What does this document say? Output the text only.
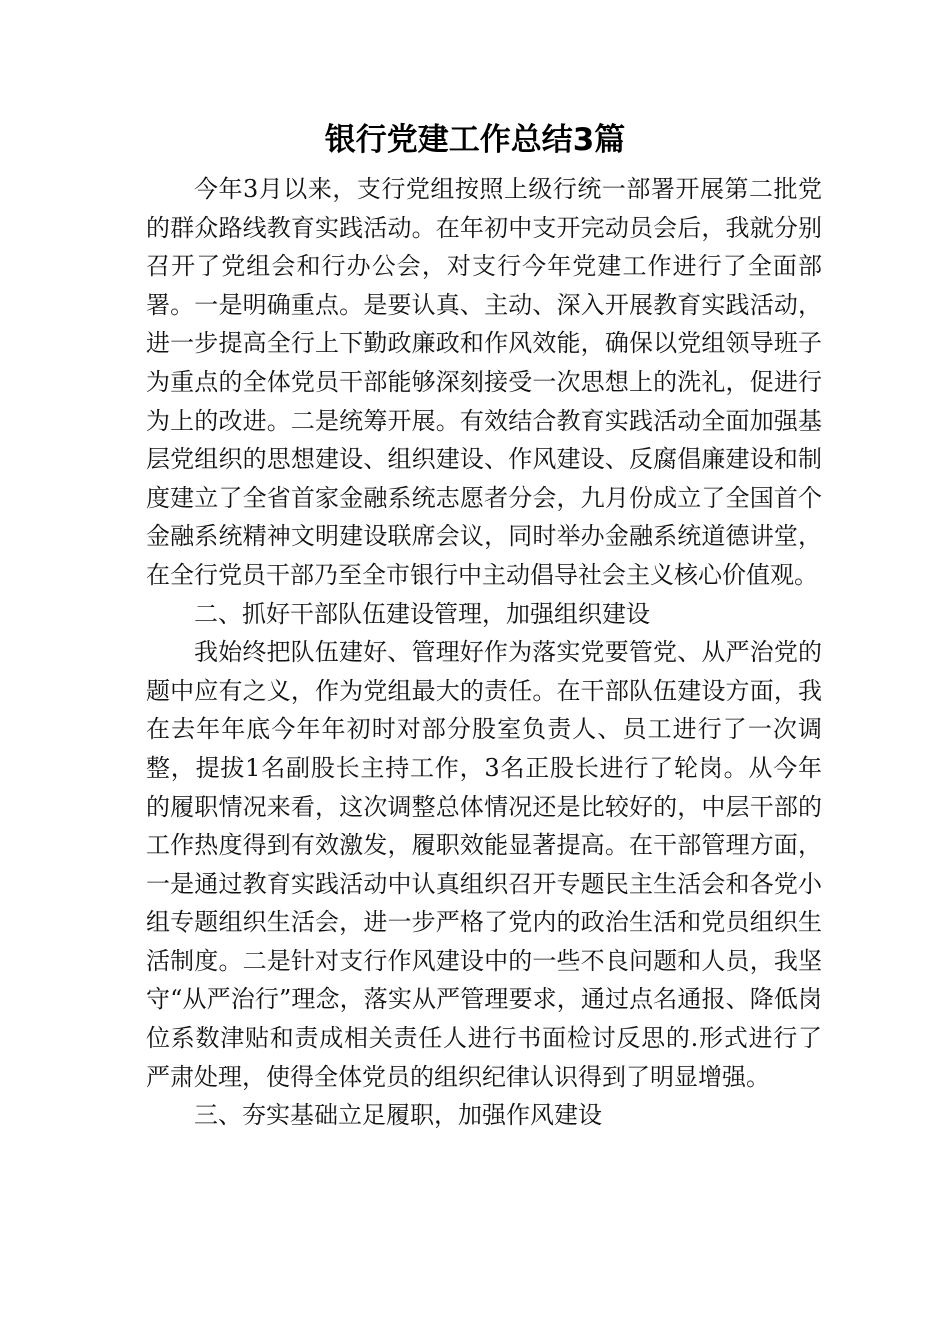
银行党建工作总结3篇

今年3月以来，支行党组按照上级行统一部署开展第二批党的群众路线教育实践活动。在年初中支开完动员会后，我就分别召开了党组会和行办公会，对支行今年党建工作进行了全面部署。一是明确重点。是要认真、主动、深入开展教育实践活动，进一步提高全行上下勤政廉政和作风效能，确保以党组领导班子为重点的全体党员干部能够深刻接受一次思想上的洗礼，促进行为上的改进。二是统筹开展。有效结合教育实践活动全面加强基层党组织的思想建设、组织建设、作风建设、反腐倡廉建设和制度建立了全省首家金融系统志愿者分会，九月份成立了全国首个金融系统精神文明建设联席会议，同时举办金融系统道德讲堂，在全行党员干部乃至全市银行中主动倡导社会主义核心价值观。

二、抓好干部队伍建设管理，加强组织建设

我始终把队伍建好、管理好作为落实党要管党、从严治党的题中应有之义，作为党组最大的责任。在干部队伍建设方面，我在去年年底今年年初时对部分股室负责人、员工进行了一次调整，提拔1名副股长主持工作，3名正股长进行了轮岗。从今年的履职情况来看，这次调整总体情况还是比较好的，中层干部的工作热度得到有效激发，履职效能显著提高。在干部管理方面，一是通过教育实践活动中认真组织召开专题民主生活会和各党小组专题组织生活会，进一步严格了党内的政治生活和党员组织生活制度。二是针对支行作风建设中的一些不良问题和人员，我坚守“从严治行”理念，落实从严管理要求，通过点名通报、降低岗位系数津贴和责成相关责任人进行书面检讨反思的.形式进行了严肃处理，使得全体党员的组织纪律认识得到了明显增强。

三、夯实基础立足履职，加强作风建设
